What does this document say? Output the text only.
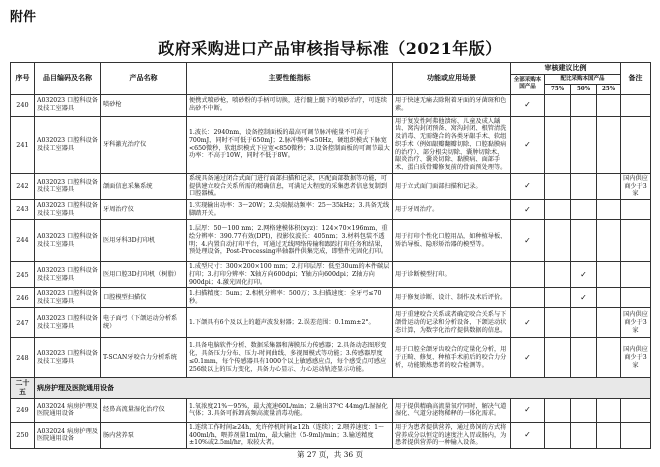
附件
政府采购进口产品审核指导标准（2021年版）
序号	品目编码及名称	产品名称	主要性能指标	功能或应用场景	审核建议比例				备注
					全部采购本国产品	配比采购本国产品			
						75%	50%	25%	
240	A032023 口腔科设备及技工室器具	喷砂枪	便携式喷砂枪，喷砂粉的手柄可切换，进行髓上髓下的喷砂治疗，可连续出砂不中断。	用于快速无痛去除附着牙面的牙菌斑和色素。	✓				
241	A032023 口腔科设备及技工室器具	牙科激光治疗仪	1.波长：2940nm，设备控制面板的最高可调节脉冲能量不可高于700mJ，同时不可低于650mJ；2.脉冲频率≤50Hz，硬组织模式下脉宽<650微秒，软组织模式下应宽<850微秒；3.设备控制面板的可调节最大功率：不高于10W，同时不低于8W。	用于复发性阿弗他溃疡、儿童及成人龋齿、窝沟封闭预备、窝沟封闭、根管清洗及消毒、无需缝合的各类牙龈手术、软组织手术（例如龈瓣翻瓣切除、口腔黏膜病的治疗）、部分根尖切除、囊肿切除术、龈炎治疗、囊炎切除、黏膜病、面部手术、蛋白质骨瓣修复前的骨面预处理等。	✓				
242	A032023 口腔科设备及技工室器具	颌面信息采集系统	系统具备通过闭合式面门进行面部扫描和记录，匹配面部数据等功能，可提供建立咬合关系所需的精确信息，可满足大程度的采集患者信息复制到口腔器械。	用于立式面门面部扫描和记录。	✓				国内供应商少于3家
243	A032023 口腔科设备及技工室器具	牙周治疗仪	1.实现输出功率：3～20W；2.尖端振动频率：25～35kHz；3.具备无线脚踏开关。	用于牙周治疗。	✓				
244	A032023 口腔科设备及技工室器具	医用牙科3D打印机	1.层厚：50～100 nm；2.网格建模体积(xyz)：124×70×196mm，重绘分辨率：390.77有效(DPI)，投影仪波长：405nm；3.材料包装不透明；4.内置自动打印平台，可通过无线网络传输和跟踪打印任务和结果，预处理设备，Post-Processing串轴器件供集完成，即整件光固化打印。	用于打印个性化口腔用品，如种植导板、矫治导板、隐形矫治器的模型等。	✓				
245	A032023 口腔科设备及技工室器具	医用口腔3D打印机（树脂）	1.成型尺寸：300×200×100 mm；2.打印层厚：低至30um的本件碳层打印；3.打印分辨率：X轴方向600dpi；Y轴方向600dpi；Z轴方向900dpi；4.激光固化打印。	用于诊断模型打印。			✓		
246	A032023 口腔科设备及技工室器具	口腔模型扫描仪	1.扫描精度：5um；2.相机分辨率：500万；3.扫描速度：全牙弓≤70秒。	用于修复诊断、设计、制作及术后评价。			✓		
247	A032023 口腔科设备及技工室器具	电子面弓（下颌运动分析系统）	1.下颌具有6个及以上的超声波发射器；2.误差范围：0.1mm±2°。	用于重建咬合关系或者确定咬合关系与下颌骨运动的记录和分析设备，下颌运动状态计算，为数字化治疗提供数据的信息。	✓				国内供应商少于3家
248	A032023 口腔科设备及技工室器具	T-SCAN牙咬合力分析系统	1.具备电脑软件分析、数据采集器和薄膜压力传感器；2.具备动态图形变化，具备压力分布、压力-时间曲线、多视图模式等功能；3.传感器厚度≤0.1mm，每个传感器具有1000个以上敏感感应点，每个感受点可感应256级以上的压力变化，具备力心显示、力心运动轨迹显示功能。	用于口腔全颌牙齿咬合的定量化分析，用于正畸、修复、种植手术前后的咬合力分析，功能锻炼患者的咬合检测等。	✓				国内供应商少于3家
二十五	病房护理及医院通用设备								
249	A032024 病房护理及医院通用设备	经鼻高流量湿化治疗仪	1.氧浓度21%～95%，最大流速60L/min；2.输出37℃ 44mg/L湿湿化气体；3.具备可拆卸高频高流量消毒功能。	用于提供精确高流量氧疗同时，解决气道湿化、气道分泌物稀释的一体化需求。	✓				
250	A032024 病房护理及医院通用设备	肠内营养泵	1.连续工作时间≥24h，允许停机时间≥12h（连续）；2.喂养速度：1～400ml/h，喂养剂量1ml/m，最大输注（5-9ml)/min；3.输送精度±10%或2.5ml/hr，取较大者。	用于为患者提供营养，通过鼻饲的方式将营养成分以恒定的速度注入胃或肠内，为患者提供营养的一种输入设备。	✓				
第 27 页，共 36 页
